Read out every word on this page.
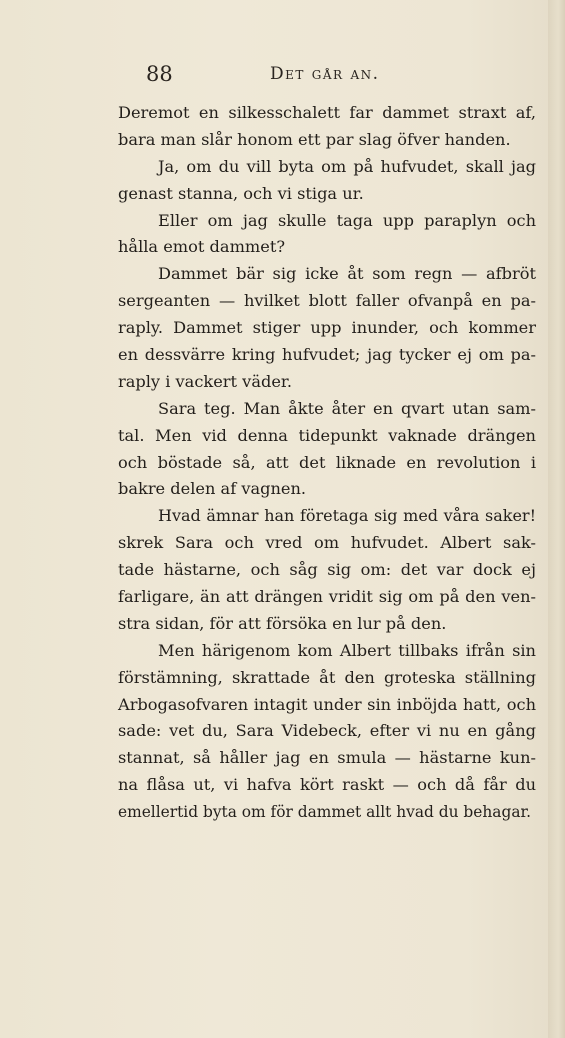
88	Det går an.
Deremot en silkesschalett far dammet straxt af,
bara man slår honom ett par slag öfver handen.
Ja, om du vill byta om på hufvudet, skall jag
genast stanna, och vi stiga ur.
Eller om jag skulle taga upp paraplyn och
hålla emot dammet?
Dammet bär sig icke åt som regn — afbröt
sergeanten — hvilket blott faller ofvanpå en pa-
raply. Dammet stiger upp inunder, och kommer
en dessvärre kring hufvudet; jag tycker ej om pa-
raply i vackert väder.
Sara teg. Man åkte åter en qvart utan sam-
tal. Men vid denna tidepunkt vaknade drängen
och böstade så, att det liknade en revolution i
bakre delen af vagnen.
Hvad ämnar han företaga sig med våra saker!
skrek Sara och vred om hufvudet. Albert sak-
tade hästarne, och såg sig om: det var dock ej
farligare, än att drängen vridit sig om på den ven-
stra sidan, för att försöka en lur på den.
Men härigenom kom Albert tillbaks ifrån sin
förstämning, skrattade åt den groteska ställning
Arbogasofvaren intagit under sin inböjda hatt, och
sade: vet du, Sara Videbeck, efter vi nu en gång
stannat, så håller jag en smula — hästarne kun-
na flåsa ut, vi hafva kört raskt — och då får du
emellertid byta om för dammet allt hvad du behagar.
